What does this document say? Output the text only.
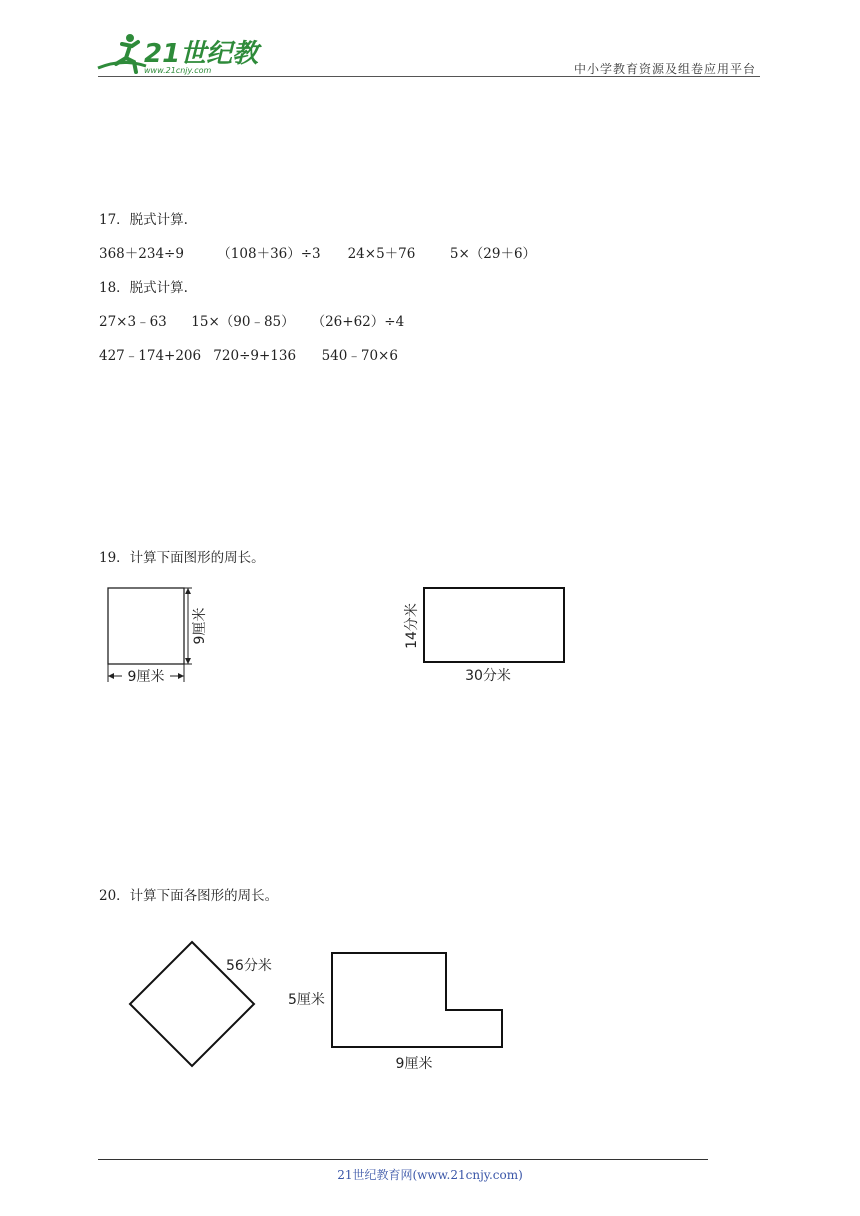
21世纪教
www.21cnjy.com	中小学教育资源及组卷应用平台
17．脱式计算.
368＋234÷9 （108＋36）÷3 24×5＋76	5×（29＋6）
18．脱式计算.
27×3﹣63 15×（90﹣85） （26+62）÷4
427﹣174+206 720÷9+136 540﹣70×6
19．计算下面图形的周长。
9厘米
9厘米
14分米
30分米
20．计算下面各图形的周长。
56分米
5厘米
9厘米
21世纪教育网(www.21cnjy.com)
